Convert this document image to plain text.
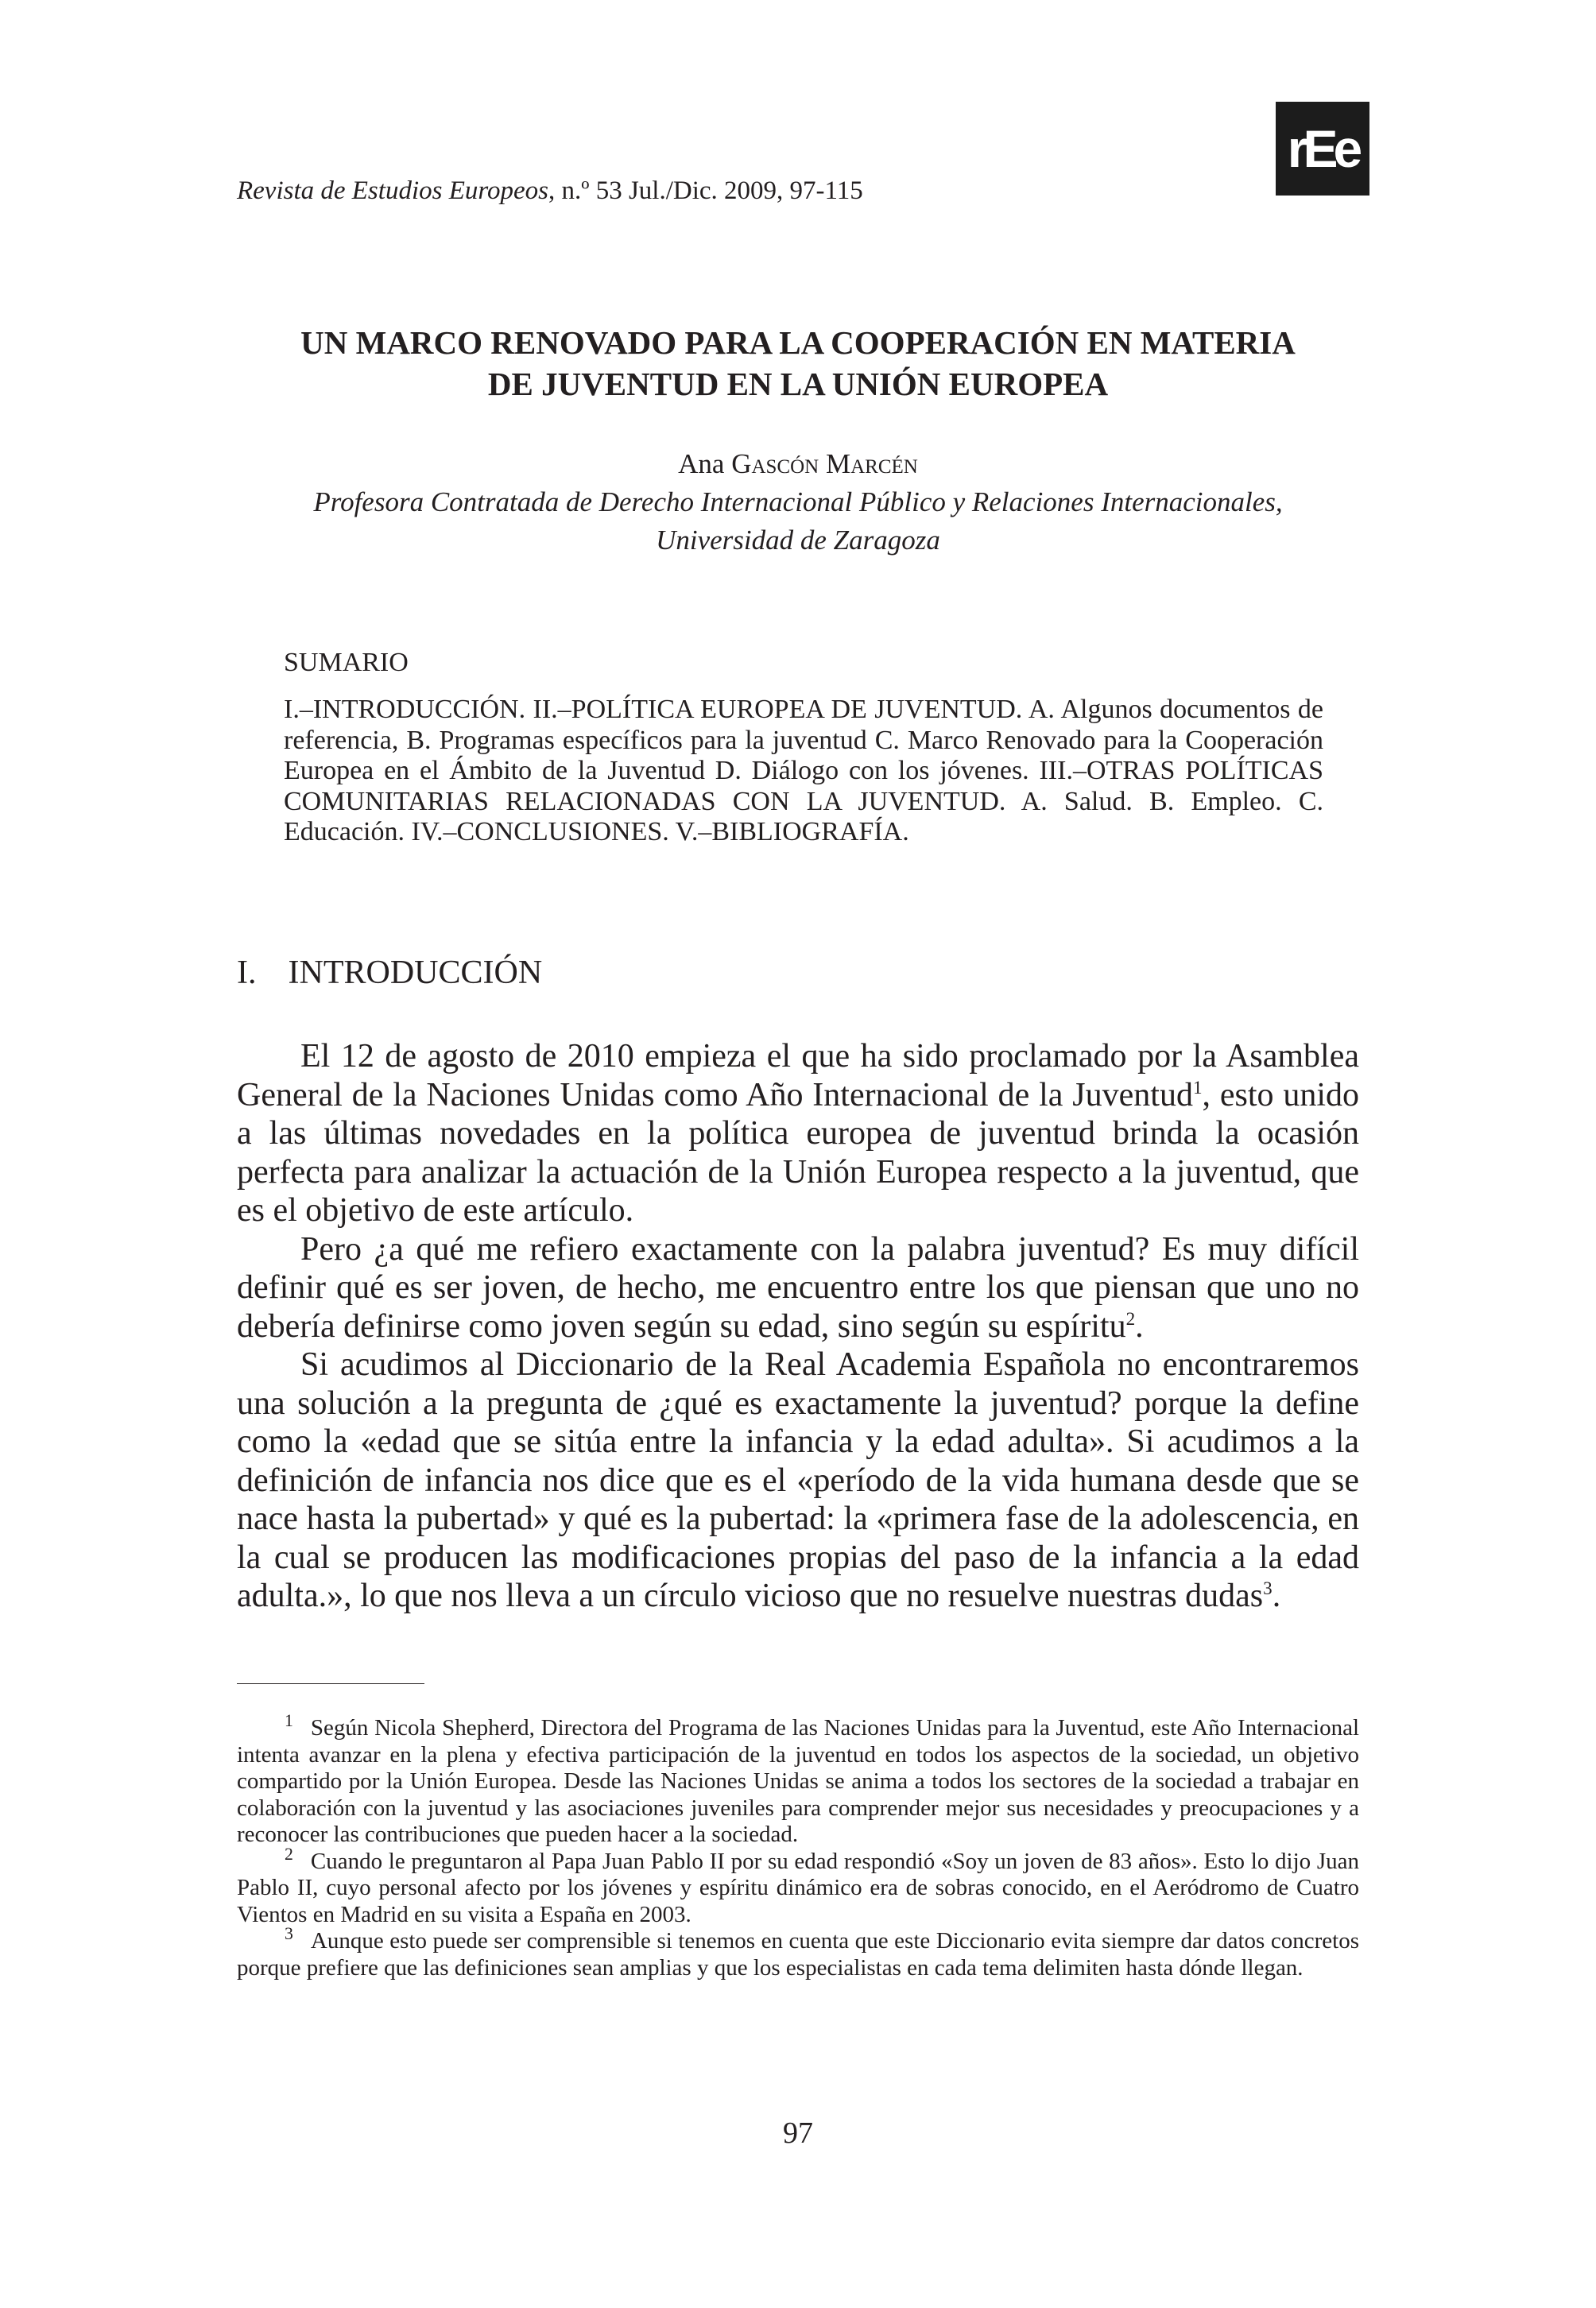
Revista de Estudios Europeos, n.º 53 Jul./Dic. 2009, 97-115
rEe
UN MARCO RENOVADO PARA LA COOPERACIÓN EN MATERIA
DE JUVENTUD EN LA UNIÓN EUROPEA
Ana Gascón Marcén
Profesora Contratada de Derecho Internacional Público y Relaciones Internacionales,
Universidad de Zaragoza
SUMARIO
I.–INTRODUCCIÓN. II.–POLÍTICA EUROPEA DE JUVENTUD. A. Algunos documentos de referencia, B. Programas específicos para la juventud C. Marco Renovado para la Cooperación Europea en el Ámbito de la Juventud D. Diálogo con los jóvenes. III.–OTRAS POLÍTICAS COMUNITARIAS RELACIONADAS CON LA JUVENTUD. A. Salud. B. Empleo. C. Educación. IV.–CONCLUSIONES. V.–BIBLIOGRAFÍA.
I. INTRODUCCIÓN

El 12 de agosto de 2010 empieza el que ha sido proclamado por la Asamblea General de la Naciones Unidas como Año Internacional de la Juventud$^1$, esto unido a las últimas novedades en la política europea de juventud brinda la ocasión perfecta para analizar la actuación de la Unión Europea respecto a la juventud, que es el objetivo de este artículo.

Pero ¿a qué me refiero exactamente con la palabra juventud? Es muy difícil definir qué es ser joven, de hecho, me encuentro entre los que piensan que uno no debería definirse como joven según su edad, sino según su espíritu$^2$.

Si acudimos al Diccionario de la Real Academia Española no encontraremos una solución a la pregunta de ¿qué es exactamente la juventud? porque la define como la «edad que se sitúa entre la infancia y la edad adulta». Si acudimos a la definición de infancia nos dice que es el «período de la vida humana desde que se nace hasta la pubertad» y qué es la pubertad: la «primera fase de la adolescencia, en la cual se producen las modificaciones propias del paso de la infancia a la edad adulta.», lo que nos lleva a un círculo vicioso que no resuelve nuestras dudas$^3$.

$^1$ Según Nicola Shepherd, Directora del Programa de las Naciones Unidas para la Juventud, este Año Internacional intenta avanzar en la plena y efectiva participación de la juventud en todos los aspectos de la sociedad, un objetivo compartido por la Unión Europea. Desde las Naciones Unidas se anima a todos los sectores de la sociedad a trabajar en colaboración con la juventud y las asociaciones juveniles para comprender mejor sus necesidades y preocupaciones y a reconocer las contribuciones que pueden hacer a la sociedad.

$^2$ Cuando le preguntaron al Papa Juan Pablo II por su edad respondió «Soy un joven de 83 años». Esto lo dijo Juan Pablo II, cuyo personal afecto por los jóvenes y espíritu dinámico era de sobras conocido, en el Aeródromo de Cuatro Vientos en Madrid en su visita a España en 2003.

$^3$ Aunque esto puede ser comprensible si tenemos en cuenta que este Diccionario evita siempre dar datos concretos porque prefiere que las definiciones sean amplias y que los especialistas en cada tema delimiten hasta dónde llegan.

97
